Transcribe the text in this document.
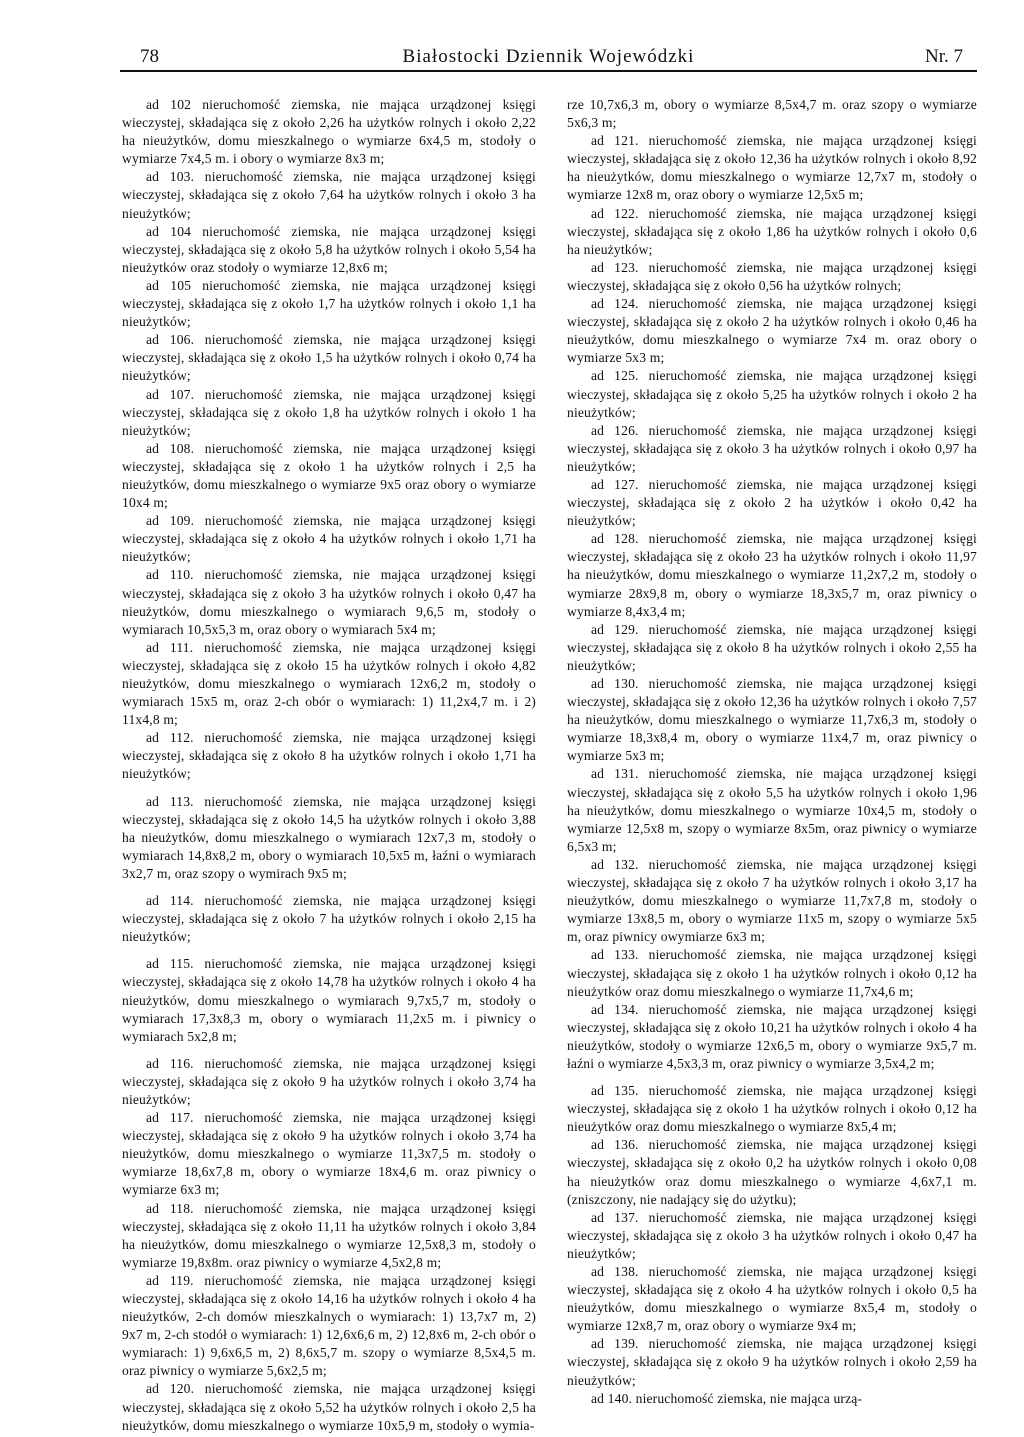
78	Białostocki Dziennik Wojewódzki	Nr. 7

ad 102 nieruchomość ziemska, nie mająca urządzonej księgi wieczystej, składająca się z około 2,26 ha użytków rolnych i około 2,22 ha nieużytków, domu mieszkalnego o wymiarze 6x4,5 m, stodoły o wymiarze 7x4,5 m. i obory o wymiarze 8x3 m;

ad 103. nieruchomość ziemska, nie mająca urządzonej księgi wieczystej, składająca się z około 7,64 ha użytków rolnych i około 3 ha nieużytków;

ad 104 nieruchomość ziemska, nie mająca urządzonej księgi wieczystej, składająca się z około 5,8 ha użytków rolnych i około 5,54 ha nieużytków oraz stodoły o wymiarze 12,8x6 m;

ad 105 nieruchomość ziemska, nie mająca urządzonej księgi wieczystej, składająca się z około 1,7 ha użytków rolnych i około 1,1 ha nieużytków;

ad 106. nieruchomość ziemska, nie mająca urządzonej księgi wieczystej, składająca się z około 1,5 ha użytków rolnych i około 0,74 ha nieużytków;

ad 107. nieruchomość ziemska, nie mająca urządzonej księgi wieczystej, składająca się z około 1,8 ha użytków rolnych i około 1 ha nieużytków;

ad 108. nieruchomość ziemska, nie mająca urządzonej księgi wieczystej, składająca się z około 1 ha użytków rolnych i 2,5 ha nieużytków, domu mieszkalnego o wymiarze 9x5 oraz obory o wymiarze 10x4 m;

ad 109. nieruchomość ziemska, nie mająca urządzonej księgi wieczystej, składająca się z około 4 ha użytków rolnych i około 1,71 ha nieużytków;

ad 110. nieruchomość ziemska, nie mająca urządzonej księgi wieczystej, składająca się z około 3 ha użytków rolnych i około 0,47 ha nieużytków, domu mieszkalnego o wymiarach 9,6,5 m, stodoły o wymiarach 10,5x5,3 m, oraz obory o wymiarach 5x4 m;

ad 111. nieruchomość ziemska, nie mająca urządzonej księgi wieczystej, składająca się z około 15 ha użytków rolnych i około 4,82 nieużytków, domu mieszkalnego o wymiarach 12x6,2 m, stodoły o wymiarach 15x5 m, oraz 2-ch obór o wymiarach: 1) 11,2x4,7 m. i 2) 11x4,8 m;

ad 112. nieruchomość ziemska, nie mająca urządzonej księgi wieczystej, składająca się z około 8 ha użytków rolnych i około 1,71 ha nieużytków;

ad 113. nieruchomość ziemska, nie mająca urządzonej księgi wieczystej, składająca się z około 14,5 ha użytków rolnych i około 3,88 ha nieużytków, domu mieszkalnego o wymiarach 12x7,3 m, stodoły o wymiarach 14,8x8,2 m, obory o wymiarach 10,5x5 m, łaźni o wymiarach 3x2,7 m, oraz szopy o wymirach 9x5 m;

ad 114. nieruchomość ziemska, nie mająca urządzonej księgi wieczystej, składająca się z około 7 ha użytków rolnych i około 2,15 ha nieużytków;

ad 115. nieruchomość ziemska, nie mająca urządzonej księgi wieczystej, składająca się z około 14,78 ha użytków rolnych i około 4 ha nieużytków, domu mieszkalnego o wymiarach 9,7x5,7 m, stodoły o wymiarach 17,3x8,3 m, obory o wymiarach 11,2x5 m. i piwnicy o wymiarach 5x2,8 m;

ad 116. nieruchomość ziemska, nie mająca urządzonej księgi wieczystej, składająca się z około 9 ha użytków rolnych i około 3,74 ha nieużytków;

ad 117. nieruchomość ziemska, nie mająca urządzonej księgi wieczystej, składająca się z około 9 ha użytków rolnych i około 3,74 ha nieużytków, domu mieszkalnego o wymiarze 11,3x7,5 m. stodoły o wymiarze 18,6x7,8 m, obory o wymiarze 18x4,6 m. oraz piwnicy o wymiarze 6x3 m;

ad 118. nieruchomość ziemska, nie mająca urządzonej księgi wieczystej, składająca się z około 11,11 ha użytków rolnych i około 3,84 ha nieużytków, domu mieszkalnego o wymiarze 12,5x8,3 m, stodoły o wymiarze 19,8x8m. oraz piwnicy o wymiarze 4,5x2,8 m;

ad 119. nieruchomość ziemska, nie mająca urządzonej księgi wieczystej, składająca się z około 14,16 ha użytków rolnych i około 4 ha nieużytków, 2-ch domów mieszkalnych o wymiarach: 1) 13,7x7 m, 2) 9x7 m, 2-ch stodół o wymiarach: 1) 12,6x6,6 m, 2) 12,8x6 m, 2-ch obór o wymiarach: 1) 9,6x6,5 m, 2) 8,6x5,7 m. szopy o wymiarze 8,5x4,5 m. oraz piwnicy o wymiarze 5,6x2,5 m;

ad 120. nieruchomość ziemska, nie mająca urządzonej księgi wieczystej, składająca się z około 5,52 ha użytków rolnych i około 2,5 ha nieużytków, domu mieszkalnego o wymiarze 10x5,9 m, stodoły o wymia-

rze 10,7x6,3 m, obory o wymiarze 8,5x4,7 m. oraz szopy o wymiarze 5x6,3 m;

ad 121. nieruchomość ziemska, nie mająca urządzonej księgi wieczystej, składająca się z około 12,36 ha użytków rolnych i około 8,92 ha nieużytków, domu mieszkalnego o wymiarze 12,7x7 m, stodoły o wymiarze 12x8 m, oraz obory o wymiarze 12,5x5 m;

ad 122. nieruchomość ziemska, nie mająca urządzonej księgi wieczystej, składająca się z około 1,86 ha użytków rolnych i około 0,6 ha nieużytków;

ad 123. nieruchomość ziemska, nie mająca urządzonej księgi wieczystej, składająca się z około 0,56 ha użytków rolnych;

ad 124. nieruchomość ziemska, nie mająca urządzonej księgi wieczystej, składająca się z około 2 ha użytków rolnych i około 0,46 ha nieużytków, domu mieszkalnego o wymiarze 7x4 m. oraz obory o wymiarze 5x3 m;

ad 125. nieruchomość ziemska, nie mająca urządzonej księgi wieczystej, składająca się z około 5,25 ha użytków rolnych i około 2 ha nieużytków;

ad 126. nieruchomość ziemska, nie mająca urządzonej księgi wieczystej, składająca się z około 3 ha użytków rolnych i około 0,97 ha nieużytków;

ad 127. nieruchomość ziemska, nie mająca urządzonej księgi wieczystej, składająca się z około 2 ha użytków i około 0,42 ha nieużytków;

ad 128. nieruchomość ziemska, nie mająca urządzonej księgi wieczystej, składająca się z około 23 ha użytków rolnych i około 11,97 ha nieużytków, domu mieszkalnego o wymiarze 11,2x7,2 m, stodoły o wymiarze 28x9,8 m, obory o wymiarze 18,3x5,7 m, oraz piwnicy o wymiarze 8,4x3,4 m;

ad 129. nieruchomość ziemska, nie mająca urządzonej księgi wieczystej, składająca się z około 8 ha użytków rolnych i około 2,55 ha nieużytków;

ad 130. nieruchomość ziemska, nie mająca urządzonej księgi wieczystej, składająca się z około 12,36 ha użytków rolnych i około 7,57 ha nieużytków, domu mieszkalnego o wymiarze 11,7x6,3 m, stodoły o wymiarze 18,3x8,4 m, obory o wymiarze 11x4,7 m, oraz piwnicy o wymiarze 5x3 m;

ad 131. nieruchomość ziemska, nie mająca urządzonej księgi wieczystej, składająca się z około 5,5 ha użytków rolnych i około 1,96 ha nieużytków, domu mieszkalnego o wymiarze 10x4,5 m, stodoły o wymiarze 12,5x8 m, szopy o wymiarze 8x5m, oraz piwnicy o wymiarze 6,5x3 m;

ad 132. nieruchomość ziemska, nie mająca urządzonej księgi wieczystej, składająca się z około 7 ha użytków rolnych i około 3,17 ha nieużytków, domu mieszkalnego o wymiarze 11,7x7,8 m, stodoły o wymiarze 13x8,5 m, obory o wymiarze 11x5 m, szopy o wymiarze 5x5 m, oraz piwnicy owymiarze 6x3 m;

ad 133. nieruchomość ziemska, nie mająca urządzonej księgi wieczystej, składająca się z około 1 ha użytków rolnych i około 0,12 ha nieużytków oraz domu mieszkalnego o wymiarze 11,7x4,6 m;

ad 134. nieruchomość ziemska, nie mająca urządzonej księgi wieczystej, składająca się z około 10,21 ha użytków rolnych i około 4 ha nieużytków, stodoły o wymiarze 12x6,5 m, obory o wymiarze 9x5,7 m. łaźni o wymiarze 4,5x3,3 m, oraz piwnicy o wymiarze 3,5x4,2 m;

ad 135. nieruchomość ziemska, nie mająca urządzonej księgi wieczystej, składająca się z około 1 ha użytków rolnych i około 0,12 ha nieużytków oraz domu mieszkalnego o wymiarze 8x5,4 m;

ad 136. nieruchomość ziemska, nie mająca urządzonej księgi wieczystej, składająca się z około 0,2 ha użytków rolnych i około 0,08 ha nieużytków oraz domu mieszkalnego o wymiarze 4,6x7,1 m. (zniszczony, nie nadający się do użytku);

ad 137. nieruchomość ziemska, nie mająca urządzonej księgi wieczystej, składająca się z około 3 ha użytków rolnych i około 0,47 ha nieużytków;

ad 138. nieruchomość ziemska, nie mająca urządzonej księgi wieczystej, składająca się z około 4 ha użytków rolnych i około 0,5 ha nieużytków, domu mieszkalnego o wymiarze 8x5,4 m, stodoły o wymiarze 12x8,7 m, oraz obory o wymiarze 9x4 m;

ad 139. nieruchomość ziemska, nie mająca urządzonej księgi wieczystej, składająca się z około 9 ha użytków rolnych i około 2,59 ha nieużytków;

ad 140. nieruchomość ziemska, nie mająca urzą-
